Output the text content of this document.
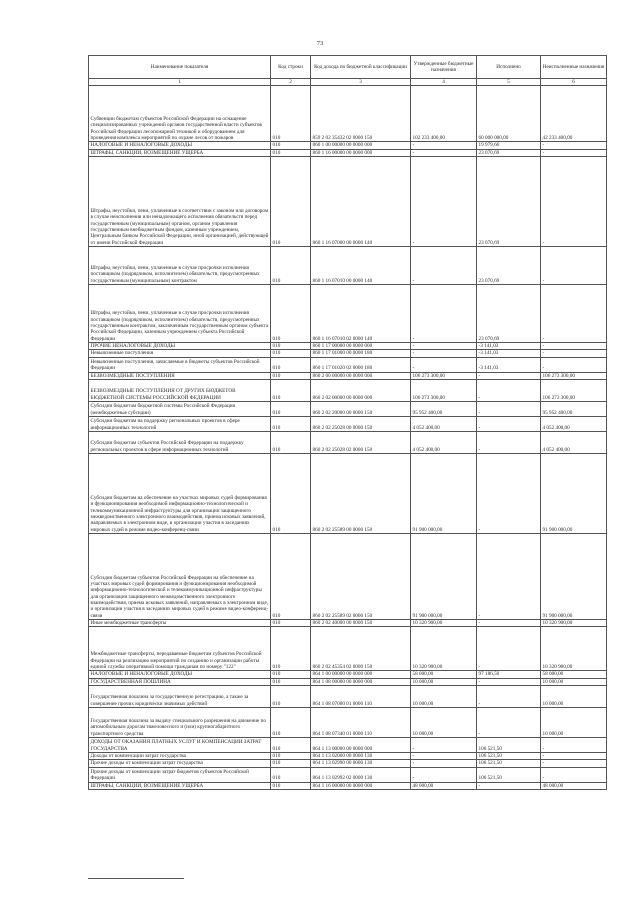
73
Наименование показателя	Код строки	Код дохода по бюджетной классификации	Утвержденные бюджетные назначения	Исполнено	Неисполненные назначения
1	2	3	4	5	6
Субвенции бюджетам субъектов Российской Федерации на оснащение специализированных учреждений органов государственной власти субъектов Российской Федерации лесопожарной техникой и оборудованием для проведения комплекса мероприятий по охране лесов от пожаров	010	859 2 02 35432 02 0000 150	102 233 400,00	60 000 000,00	42 233 400,00
НАЛОГОВЫЕ И НЕНАЛОГОВЫЕ ДОХОДЫ	010	860 1 00 00000 00 0000 000	-	19 979,66	-
ШТРАФЫ, САНКЦИИ, ВОЗМЕЩЕНИЕ УЩЕРБА	010	860 1 16 00000 00 0000 000	-	23 070,69	-
Штрафы, неустойки, пени, уплаченные в соответствии с законом или договором в случае неисполнения или ненадлежащего исполнения обязательств перед государственным (муниципальным) органом, органом управления государственным внебюджетным фондом, казенным учреждением, Центральным банком Российской Федерации, иной организацией, действующей от имени Российской Федерации	010	860 1 16 07000 00 0000 140	-	23 070,69	-
Штрафы, неустойки, пени, уплаченные в случае просрочки исполнения поставщиком (подрядчиком, исполнителем) обязательств, предусмотренных государственным (муниципальным) контрактом	010	860 1 16 07010 00 0000 140	-	23 070,69	-
Штрафы, неустойки, пени, уплаченные в случае просрочки исполнения поставщиком (подрядчиком, исполнителем) обязательств, предусмотренных государственным контрактом, заключенным государственным органом субъекта Российской Федерации, казенным учреждением субъекта Российской Федерации	010	860 1 16 07010 02 0000 140	-	23 070,69	-
ПРОЧИЕ НЕНАЛОГОВЫЕ ДОХОДЫ	010	860 1 17 00000 00 0000 000	-	-3 141,03	-
Невыясненные поступления	010	860 1 17 01000 00 0000 180	-	-3 141,03	-
Невыясненные поступления, зачисляемые в бюджеты субъектов Российской Федерации	010	860 1 17 01020 02 0000 180	-	-3 141,03	-
БЕЗВОЗМЕЗДНЫЕ ПОСТУПЛЕНИЯ	010	860 2 00 00000 00 0000 000	106 273 300,00	-	106 273 300,00
БЕЗВОЗМЕЗДНЫЕ ПОСТУПЛЕНИЯ ОТ ДРУГИХ БЮДЖЕТОВ БЮДЖЕТНОЙ СИСТЕМЫ РОССИЙСКОЙ ФЕДЕРАЦИИ	010	860 2 02 00000 00 0000 000	106 273 300,00	-	106 273 300,00
Субсидии бюджетам бюджетной системы Российской Федерации (межбюджетные субсидии)	010	860 2 02 20000 00 0000 150	95 952 400,00	-	95 952 400,00
Субсидии бюджетам на поддержку региональных проектов в сфере информационных технологий	010	860 2 02 25028 00 0000 150	4 052 400,00	-	4 052 400,00
Субсидии бюджетам субъектов Российской Федерации на поддержку региональных проектов в сфере информационных технологий	010	860 2 02 25028 02 0000 150	4 052 400,00	-	4 052 400,00
Субсидии бюджетам на обеспечение на участках мировых судей формирования и функционирования необходимой информационно-технологической и телекоммуникационной инфраструктуры для организации защищенного межведомственного электронного взаимодействия, приема исковых заявлений, направляемых в электронном виде, и организации участия в заседаниях мировых судей в режиме видео-конференц-связи	010	860 2 02 25589 00 0000 150	91 900 000,00	-	91 900 000,00
Субсидии бюджетам субъектов Российской Федерации на обеспечение на участках мировых судей формирования и функционирования необходимой информационно-технологической и телекоммуникационной инфраструктуры для организации защищенного межведомственного электронного взаимодействия, приема исковых заявлений, направляемых в электронном виде, и организации участия в заседаниях мировых судей в режиме видео-конференц-связи	010	860 2 02 25589 02 0000 150	91 900 000,00	-	91 900 000,00
Иные межбюджетные трансферты	010	860 2 02 40000 00 0000 150	10 320 900,00	-	10 320 900,00
Межбюджетные трансферты, передаваемые бюджетам субъектов Российской Федерации на реализацию мероприятий по созданию и организации работы единой службы оперативной помощи гражданам по номеру "122"	010	860 2 02 45354 02 0000 150	10 320 900,00	-	10 320 900,00
НАЛОГОВЫЕ И НЕНАЛОГОВЫЕ ДОХОДЫ	010	864 1 00 00000 00 0000 000	58 000,00	97 186,50	58 000,00
ГОСУДАРСТВЕННАЯ ПОШЛИНА	010	864 1 08 00000 00 0000 000	10 000,00	-	10 000,00
Государственная пошлина за государственную регистрацию, а также за совершение прочих юридически значимых действий	010	864 1 08 07000 01 0000 110	10 000,00	-	10 000,00
Государственная пошлина за выдачу специального разрешения на движение по автомобильным дорогам тяжеловесного и (или) крупногабаритного транспортного средства	010	864 1 08 07340 01 0000 110	10 000,00	-	10 000,00
ДОХОДЫ ОТ ОКАЗАНИЯ ПЛАТНЫХ УСЛУГ И КОМПЕНСАЦИИ ЗАТРАТ ГОСУДАРСТВА	010	864 1 13 00000 00 0000 000	-	106 521,50	-
Доходы от компенсации затрат государства	010	864 1 13 02000 00 0000 130	-	106 521,50	-
Прочие доходы от компенсации затрат государства	010	864 1 13 02990 00 0000 130	-	106 521,50	-
Прочие доходы от компенсации затрат бюджетов субъектов Российской Федерации	010	864 1 13 02992 02 0000 130	-	106 521,50	-
ШТРАФЫ, САНКЦИИ, ВОЗМЕЩЕНИЕ УЩЕРБА	010	864 1 16 00000 00 0000 000	48 000,00	-	48 000,00
